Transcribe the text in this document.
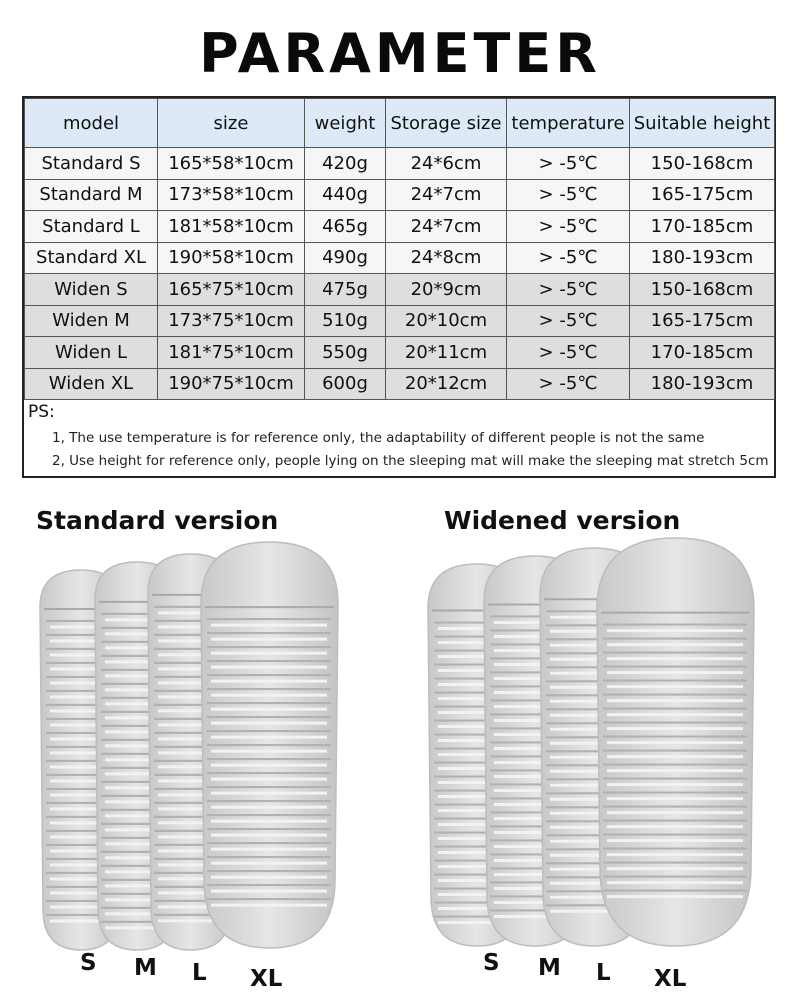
PARAMETER
model	size	weight	Storage size	temperature	Suitable height
Standard S	165*58*10cm	420g	24*6cm	> -5℃	150-168cm
Standard M	173*58*10cm	440g	24*7cm	> -5℃	165-175cm
Standard L	181*58*10cm	465g	24*7cm	> -5℃	170-185cm
Standard XL	190*58*10cm	490g	24*8cm	> -5℃	180-193cm
Widen S	165*75*10cm	475g	20*9cm	> -5℃	150-168cm
Widen M	173*75*10cm	510g	20*10cm	> -5℃	165-175cm
Widen L	181*75*10cm	550g	20*11cm	> -5℃	170-185cm
Widen XL	190*75*10cm	600g	20*12cm	> -5℃	180-193cm
PS:
1, The use temperature is for reference only, the adaptability of different people is not the same
2, Use height for reference only, people lying on the sleeping mat will make the sleeping mat stretch 5cm
Standard version	Widened version
S M L XL
S M L XL
